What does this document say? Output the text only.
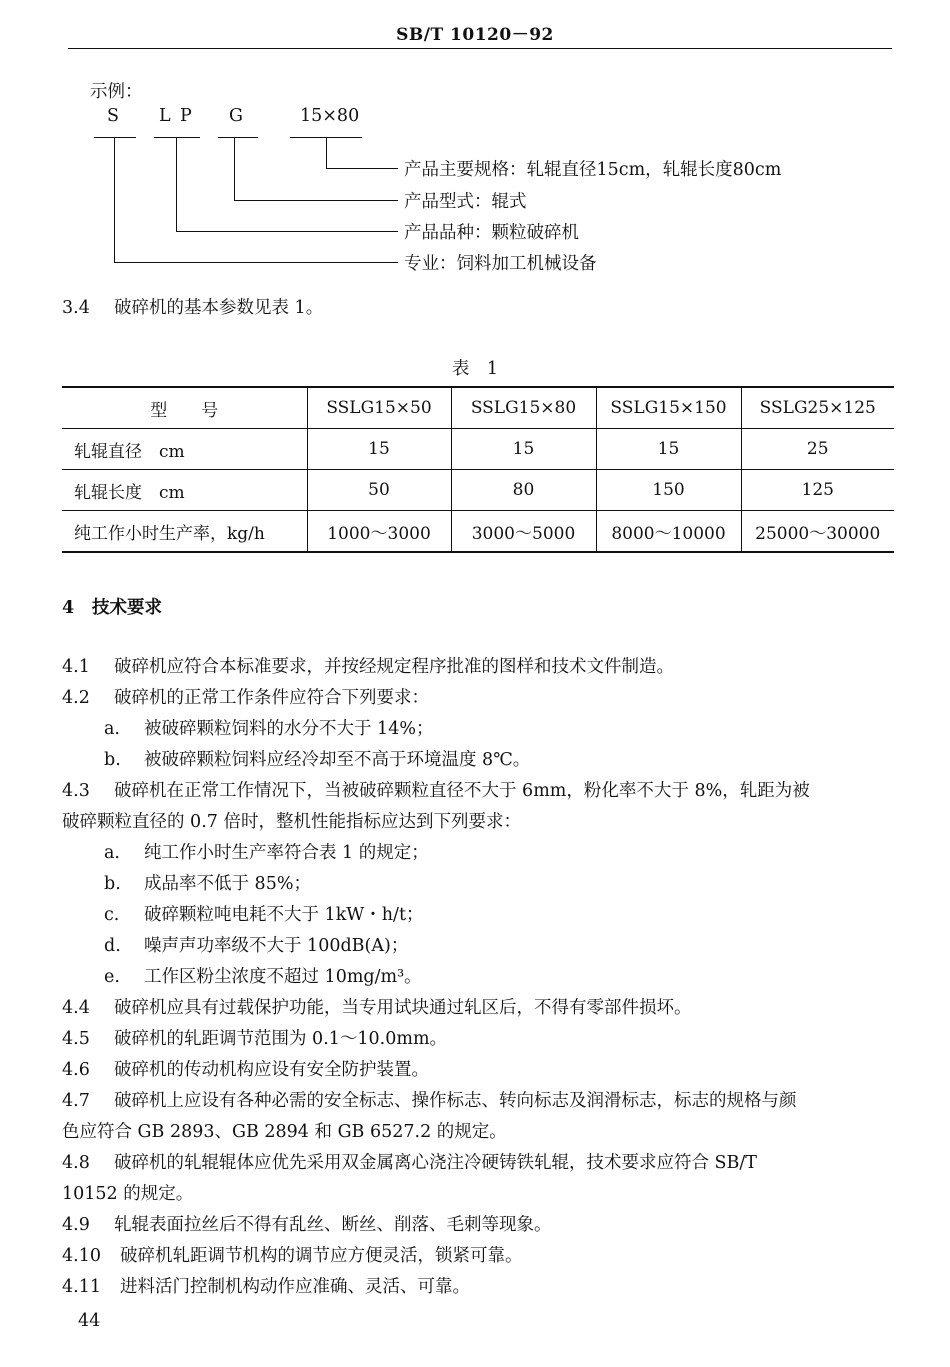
SB/T 10120－92
示例：
S L P G	15×80
产品主要规格：轧辊直径15cm，轧辊长度80cm
产品型式：辊式
产品品种：颗粒破碎机
专业：饲料加工机械设备
3.4 破碎机的基本参数见表 1。
表　1
型　　号	SSLG15×50	SSLG15×80	SSLG15×150	SSLG25×125
轧辊直径　cm	15	15	15	25
轧辊长度　cm	50	80	150	125
纯工作小时生产率，kg/h	1000～3000	3000～5000	8000～10000	25000～30000
4 技术要求
4.1 破碎机应符合本标准要求，并按经规定程序批准的图样和技术文件制造。
4.2 破碎机的正常工作条件应符合下列要求：
a. 被破碎颗粒饲料的水分不大于 14%；
b. 被破碎颗粒饲料应经冷却至不高于环境温度 8℃。
4.3 破碎机在正常工作情况下，当被破碎颗粒直径不大于 6mm，粉化率不大于 8%，轧距为被
破碎颗粒直径的 0.7 倍时，整机性能指标应达到下列要求：
a. 纯工作小时生产率符合表 1 的规定；
b. 成品率不低于 85%；
c. 破碎颗粒吨电耗不大于 1kW・h/t；
d. 噪声声功率级不大于 100dB(A)；
e. 工作区粉尘浓度不超过 10mg/m³。
4.4 破碎机应具有过载保护功能，当专用试块通过轧区后，不得有零部件损坏。
4.5 破碎机的轧距调节范围为 0.1～10.0mm。
4.6 破碎机的传动机构应设有安全防护装置。
4.7 破碎机上应设有各种必需的安全标志、操作标志、转向标志及润滑标志，标志的规格与颜
色应符合 GB 2893、GB 2894 和 GB 6527.2 的规定。
4.8 破碎机的轧辊辊体应优先采用双金属离心浇注冷硬铸铁轧辊，技术要求应符合 SB/T
10152 的规定。
4.9 轧辊表面拉丝后不得有乱丝、断丝、削落、毛刺等现象。
4.10 破碎机轧距调节机构的调节应方便灵活，锁紧可靠。
4.11 进料活门控制机构动作应准确、灵活、可靠。
44
